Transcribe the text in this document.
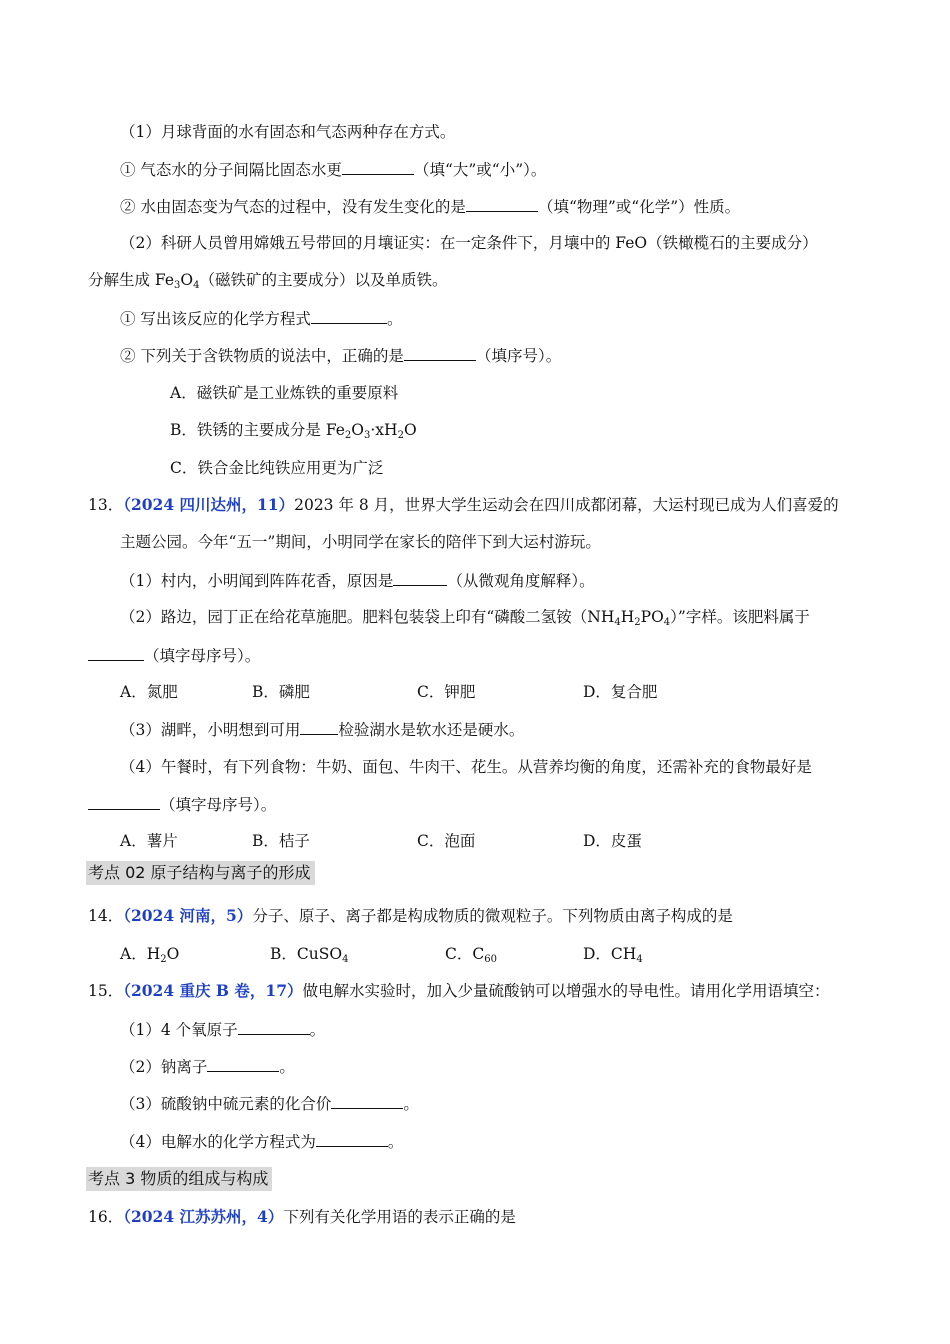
（1）月球背面的水有固态和气态两种存在方式。
① 气态水的分子间隔比固态水更	（填“大”或“小”）。
② 水由固态变为气态的过程中，没有发生变化的是	（填“物理”或“化学”）性质。
（2）科研人员曾用嫦娥五号带回的月壤证实：在一定条件下，月壤中的 FeO（铁橄榄石的主要成分）
分解生成 $Fe_3O_4$（磁铁矿的主要成分）以及单质铁。
① 写出该反应的化学方程式	。
② 下列关于含铁物质的说法中，正确的是	（填序号）。
A．磁铁矿是工业炼铁的重要原料
B．铁锈的主要成分是 $Fe_2O_3\cdot xH_2O$
C．铁合金比纯铁应用更为广泛
13．（2024 四川达州，11）2023 年 8 月，世界大学生运动会在四川成都闭幕，大运村现已成为人们喜爱的
主题公园。今年“五一”期间，小明同学在家长的陪伴下到大运村游玩。
（1）村内，小明闻到阵阵花香，原因是	（从微观角度解释）。
（2）路边，园丁正在给花草施肥。肥料包装袋上印有“磷酸二氢铵$(NH_4H_2PO_4)$”字样。该肥料属于
（填字母序号）。
A．氮肥	B．磷肥	C．钾肥	D．复合肥
（3）湖畔，小明想到可用 检验湖水是软水还是硬水。
（4）午餐时，有下列食物：牛奶、面包、牛肉干、花生。从营养均衡的角度，还需补充的食物最好是
（填字母序号）。
A．薯片	B．桔子	C．泡面	D．皮蛋
考点 02 原子结构与离子的形成
14．（2024 河南，5）分子、原子、离子都是构成物质的微观粒子。下列物质由离子构成的是
A．$H_2O$	B．CuSO$_4$	C．$C_{60}$	D．$CH_4$
15．（2024 重庆 B 卷，17）做电解水实验时，加入少量硫酸钠可以增强水的导电性。请用化学用语填空：
（1）4 个氧原子	。
（2）钠离子	。
（3）硫酸钠中硫元素的化合价	。
（4）电解水的化学方程式为	。
考点 3 物质的组成与构成
16．（2024 江苏苏州，4）下列有关化学用语的表示正确的是
